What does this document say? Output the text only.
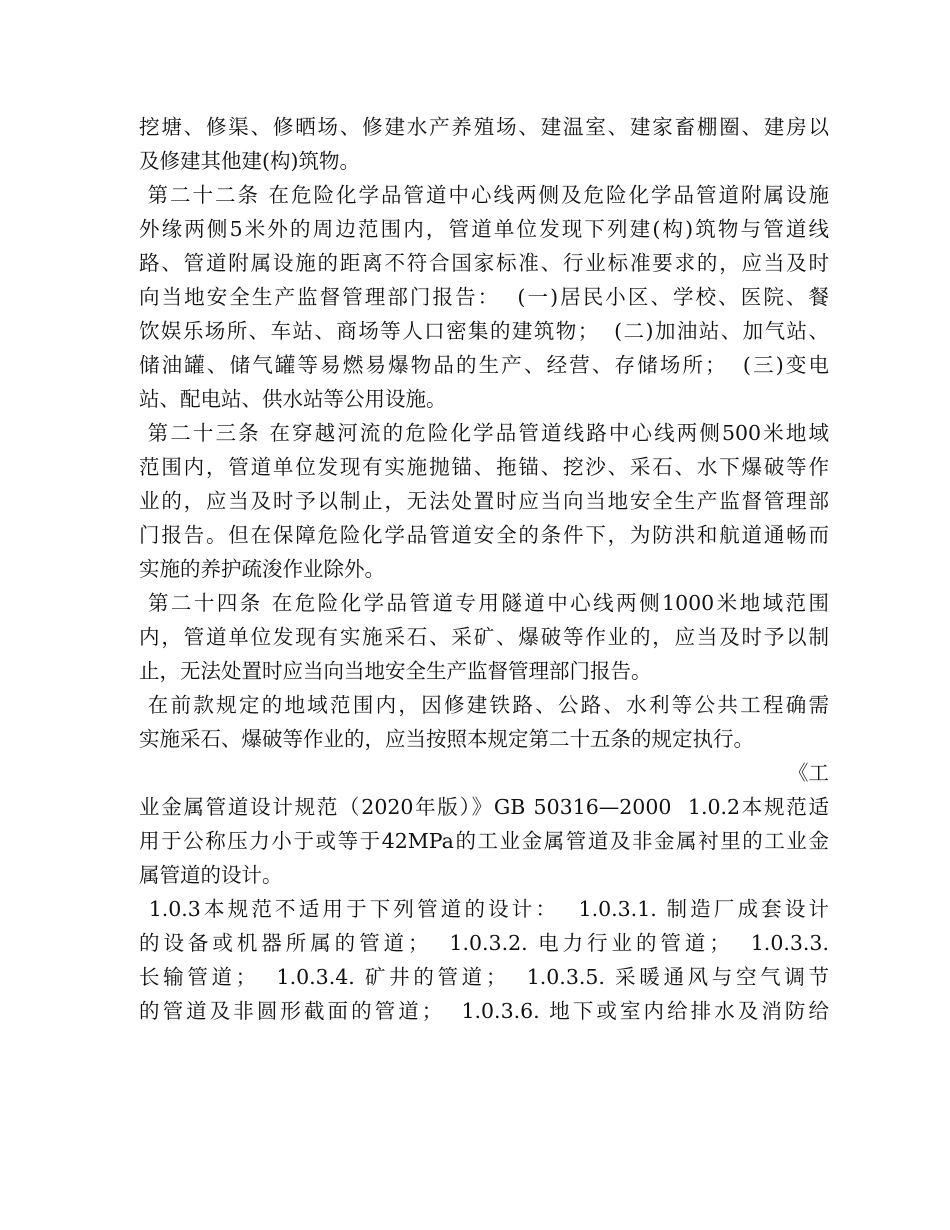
挖塘、修渠、修晒场、修建水产养殖场、建温室、建家畜棚圈、建房以
及修建其他建(构)筑物。
第二十二条 在危险化学品管道中心线两侧及危险化学品管道附属设施
外缘两侧5米外的周边范围内，管道单位发现下列建(构)筑物与管道线
路、管道附属设施的距离不符合国家标准、行业标准要求的，应当及时
向当地安全生产监督管理部门报告：  (一)居民小区、学校、医院、餐
饮娱乐场所、车站、商场等人口密集的建筑物；  (二)加油站、加气站、
储油罐、储气罐等易燃易爆物品的生产、经营、存储场所；  (三)变电
站、配电站、供水站等公用设施。
第二十三条 在穿越河流的危险化学品管道线路中心线两侧500米地域
范围内，管道单位发现有实施抛锚、拖锚、挖沙、采石、水下爆破等作
业的，应当及时予以制止，无法处置时应当向当地安全生产监督管理部
门报告。但在保障危险化学品管道安全的条件下，为防洪和航道通畅而
实施的养护疏浚作业除外。
第二十四条 在危险化学品管道专用隧道中心线两侧1000米地域范围
内，管道单位发现有实施采石、采矿、爆破等作业的，应当及时予以制
止，无法处置时应当向当地安全生产监督管理部门报告。
在前款规定的地域范围内，因修建铁路、公路、水利等公共工程确需
实施采石、爆破等作业的，应当按照本规定第二十五条的规定执行。
《工
业金属管道设计规范（2020年版）》GB 50316—2000  1.0.2本规范适
用于公称压力小于或等于42MPa的工业金属管道及非金属衬里的工业金
属管道的设计。
1.0.3本规范不适用于下列管道的设计：  1.0.3.1. 制造厂成套设计
的设备或机器所属的管道；  1.0.3.2. 电力行业的管道；  1.0.3.3.
长输管道；  1.0.3.4. 矿井的管道；  1.0.3.5. 采暖通风与空气调节
的管道及非圆形截面的管道；  1.0.3.6. 地下或室内给排水及消防给
